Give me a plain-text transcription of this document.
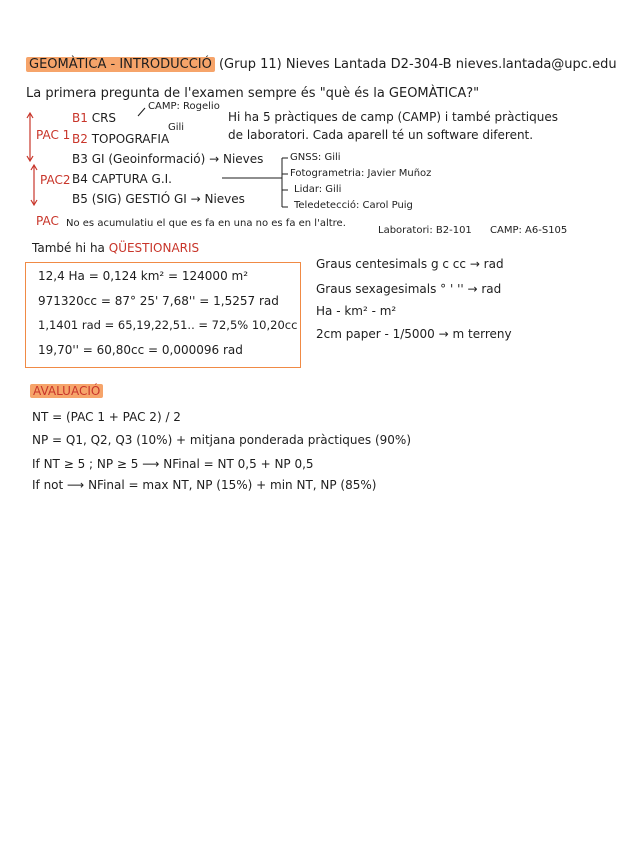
GEOMÀTICA - INTRODUCCIÓ (Grup 11) Nieves Lantada D2-304-B nieves.lantada@upc.edu
La primera pregunta de l'examen sempre és "què és la GEOMÀTICA?"
PAC 1
PAC2
B1 CRS
B2 TOPOGRAFIA
B3 GI (Geoinformació) → Nieves
B4 CAPTURA G.I.
B5 (SIG) GESTIÓ GI → Nieves
CAMP: Rogelio
Gili
Hi ha 5 pràctiques de camp (CAMP) i també pràctiques
de laboratori. Cada aparell té un software diferent.
GNSS: Gili
Fotogrametria: Javier Muñoz
Lidar: Gili
Teledetecció: Carol Puig
PAC No es acumulatiu el que es fa en una no es fa en l'altre.
Laboratori: B2-101 CAMP: A6-S105
També hi ha QÜESTIONARIS
12,4 Ha = 0,124 km² = 124000 m²
971320cc = 87° 25' 7,68'' = 1,5257 rad
1,1401 rad = 65,19,22,51.. = 72,5% 10,20cc
19,70'' = 60,80cc = 0,000096 rad
Graus centesimals g c cc → rad
Graus sexagesimals ° ' '' → rad
Ha - km² - m²
2cm paper - 1/5000 → m terreny
AVALUACIÓ
NT = (PAC 1 + PAC 2) / 2
NP = Q1, Q2, Q3 (10%) + mitjana ponderada pràctiques (90%)
If NT ≥ 5 ; NP ≥ 5 ⟶ NFinal = NT 0,5 + NP 0,5
If not ⟶ NFinal = max NT, NP (15%) + min NT, NP (85%)
